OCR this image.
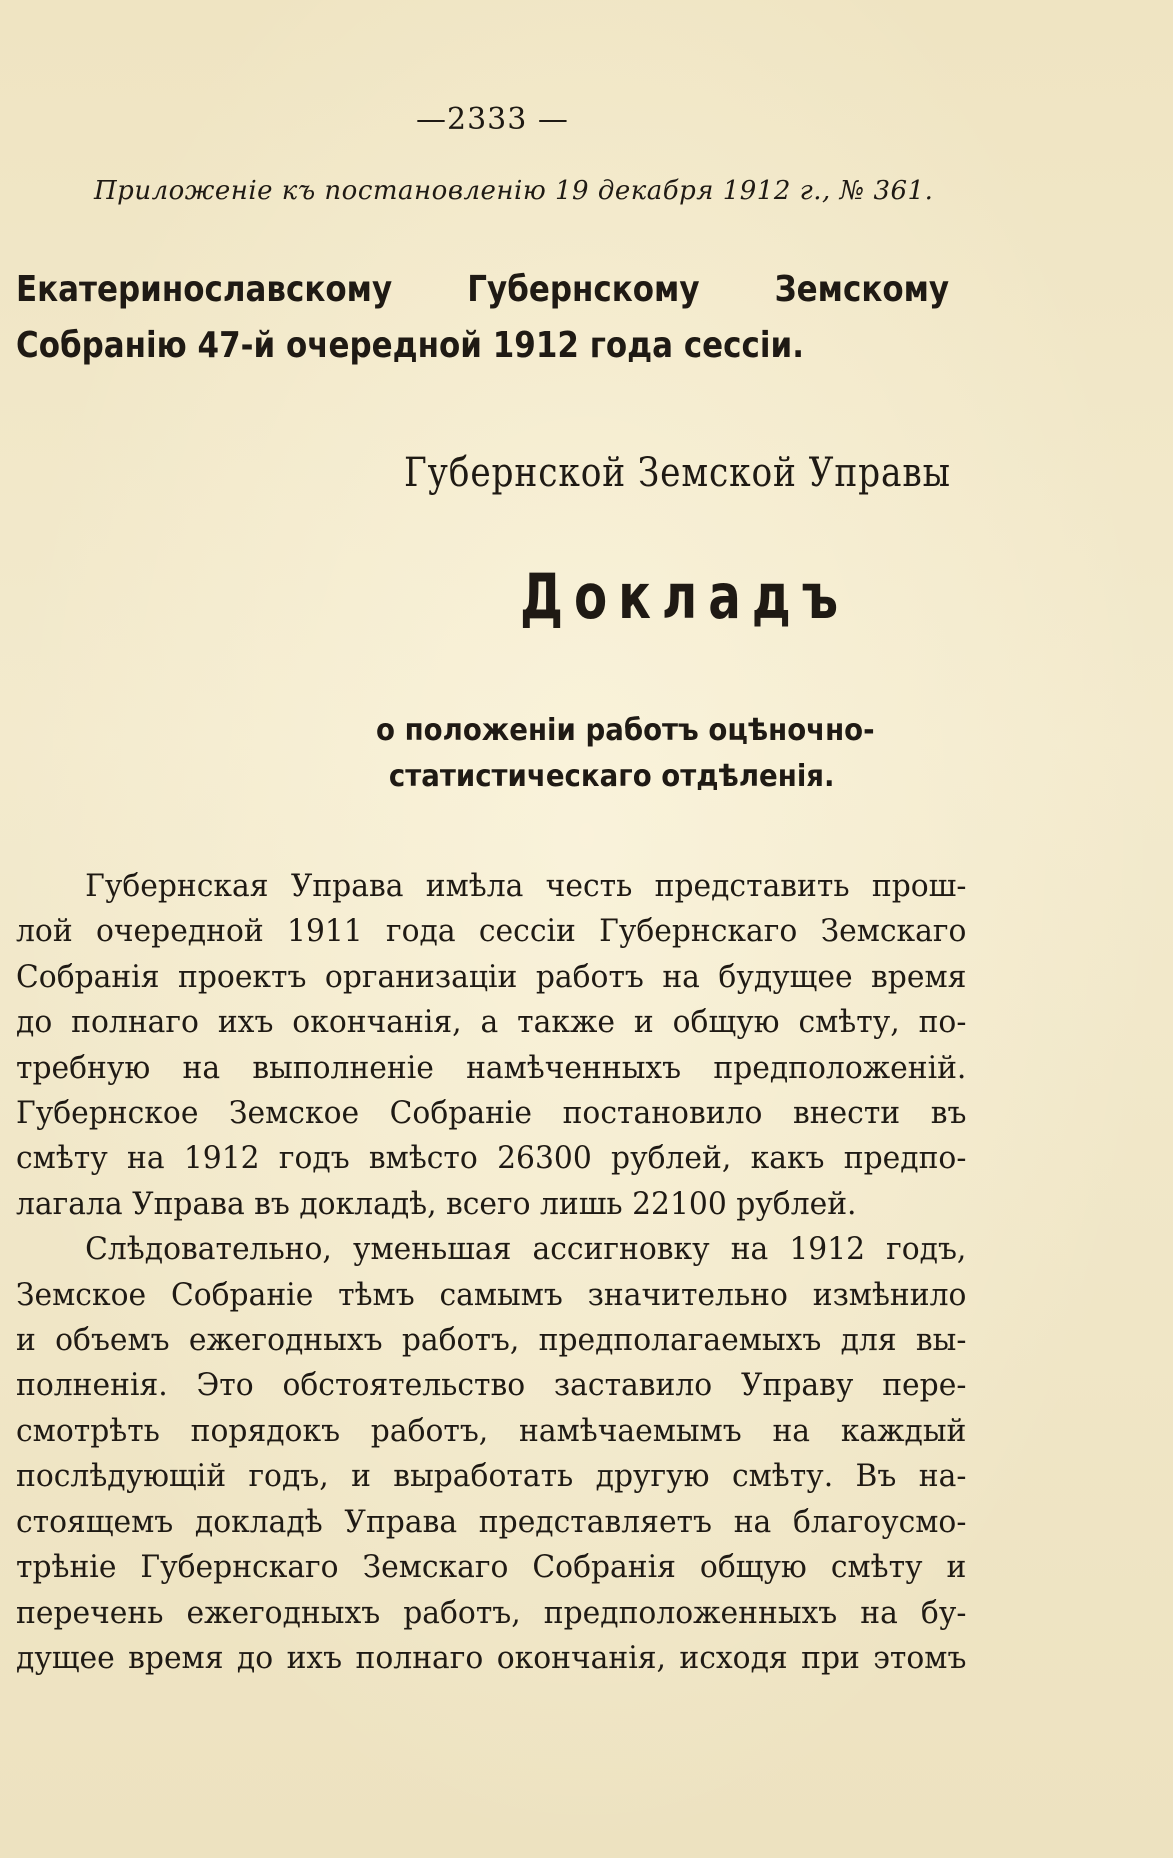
—2333 —
Приложеніе къ постановленію 19 декабря 1912 г., № 361.
Екатеринославскому Губернскому Земскому
Собранію 47-й очередной 1912 года сессіи.
Губернской Земской Управы
Докладъ
о положеніи работъ оцѣночно-
статистическаго отдѣленія.
Губернская Управа имѣла честь представить прош-
лой очередной 1911 года сессіи Губернскаго Земскаго
Собранія проектъ организаціи работъ на будущее время
до полнаго ихъ окончанія, а также и общую смѣту, по-
требную на выполненіе намѣченныхъ предположеній.
Губернское Земское Собраніе постановило внести въ
смѣту на 1912 годъ вмѣсто 26300 рублей, какъ предпо-
лагала Управа въ докладѣ, всего лишь 22100 рублей.
Слѣдовательно, уменьшая ассигновку на 1912 годъ,
Земское Собраніе тѣмъ самымъ значительно измѣнило
и объемъ ежегодныхъ работъ, предполагаемыхъ для вы-
полненія. Это обстоятельство заставило Управу пере-
смотрѣть порядокъ работъ, намѣчаемымъ на каждый
послѣдующій годъ, и выработать другую смѣту. Въ на-
стоящемъ докладѣ Управа представляетъ на благоусмо-
трѣніе Губернскаго Земскаго Собранія общую смѣту и
перечень ежегодныхъ работъ, предположенныхъ на бу-
дущее время до ихъ полнаго окончанія, исходя при этомъ
